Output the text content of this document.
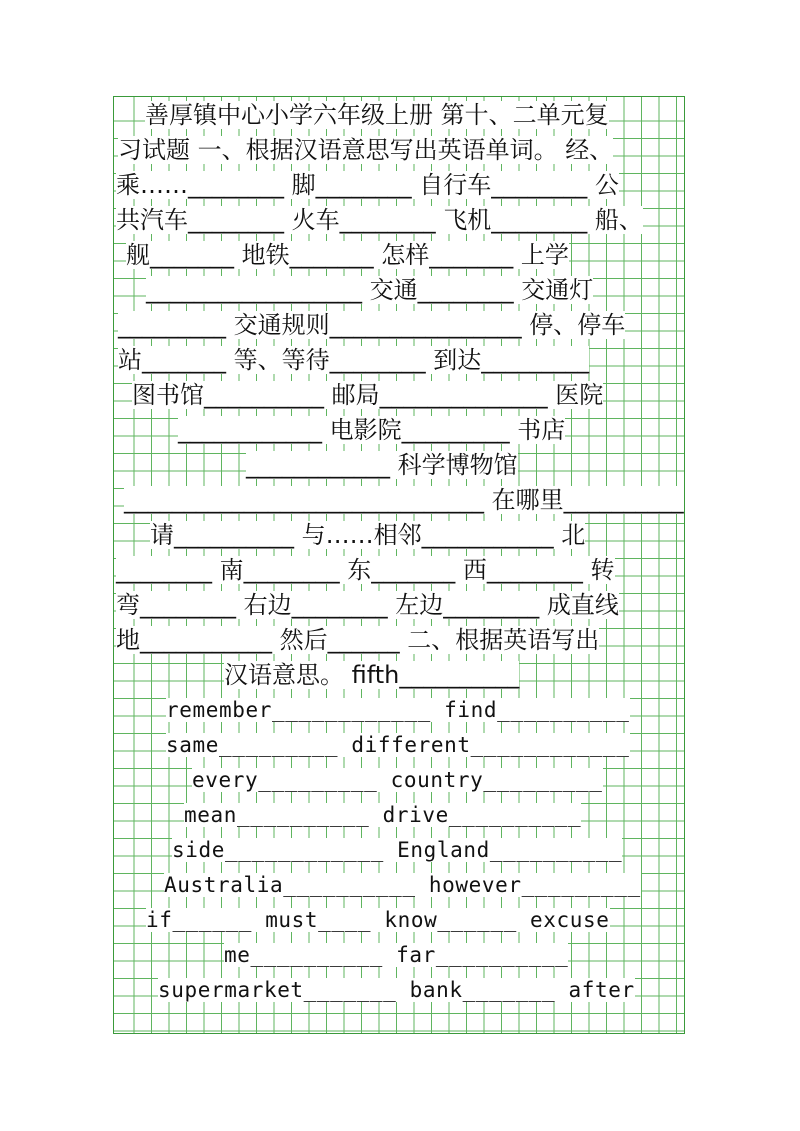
善厚镇中心小学六年级上册 第十、二单元复
习试题 一、根据汉语意思写出英语单词。 经、
乘……________ 脚________ 自行车________ 公
共汽车________ 火车________ 飞机________ 船、
舰_______ 地铁_______ 怎样_______ 上学
__________________ 交通________ 交通灯
_________ 交通规则________________ 停、停车
站_______ 等、等待________ 到达_________
图书馆__________ 邮局______________ 医院
____________ 电影院_________ 书店
____________ 科学博物馆
______________________________ 在哪里__________
请__________ 与……相邻___________ 北
________ 南________ 东_______ 西________ 转
弯________ 右边________ 左边________ 成直线
地___________ 然后______ 二、根据英语写出
汉语意思。 fifth__________
remember____________ find__________
same_________ different____________
every_________ country_________
mean__________ drive__________
side____________ England__________
Australia__________ however_________
if______ must____ know______ excuse
me__________ far__________
supermarket_______ bank_______ after
